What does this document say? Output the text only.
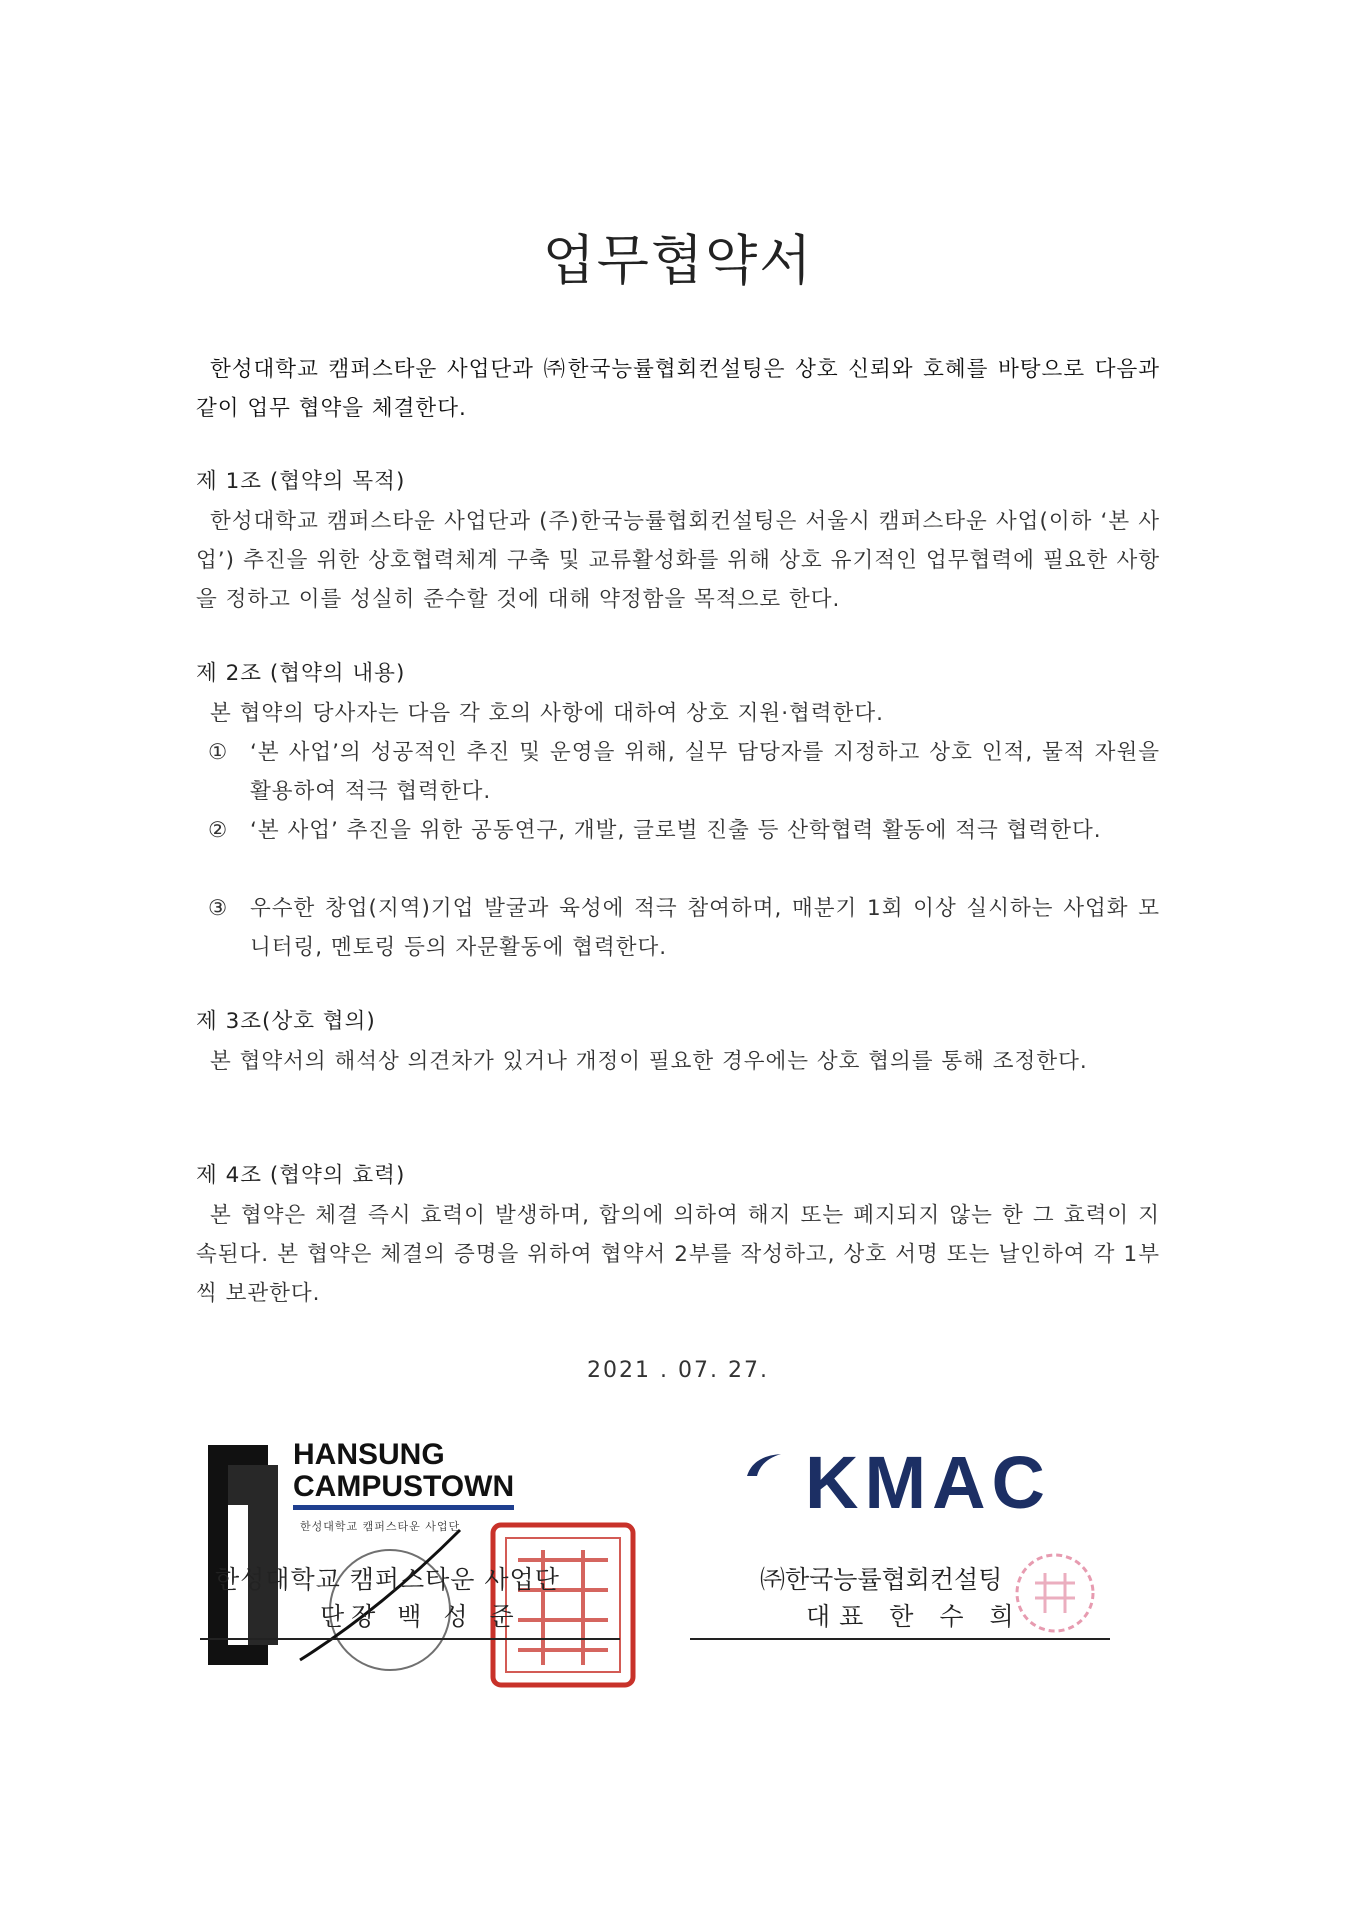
업무협약서
한성대학교 캠퍼스타운 사업단과 ㈜한국능률협회컨설팅은 상호 신뢰와 호혜를 바탕으로 다음과 같이 업무 협약을 체결한다.
제 1조 (협약의 목적)
한성대학교 캠퍼스타운 사업단과 (주)한국능률협회컨설팅은 서울시 캠퍼스타운 사업(이하 ‘본 사업’) 추진을 위한 상호협력체계 구축 및 교류활성화를 위해 상호 유기적인 업무협력에 필요한 사항을 정하고 이를 성실히 준수할 것에 대해 약정함을 목적으로 한다.
제 2조 (협약의 내용)
본 협약의 당사자는 다음 각 호의 사항에 대하여 상호 지원·협력한다.
① ‘본 사업’의 성공적인 추진 및 운영을 위해, 실무 담당자를 지정하고 상호 인적, 물적 자원을 활용하여 적극 협력한다.
② ‘본 사업’ 추진을 위한 공동연구, 개발, 글로벌 진출 등 산학협력 활동에 적극 협력한다.
③ 우수한 창업(지역)기업 발굴과 육성에 적극 참여하며, 매분기 1회 이상 실시하는 사업화 모니터링, 멘토링 등의 자문활동에 협력한다.
제 3조(상호 협의)
본 협약서의 해석상 의견차가 있거나 개정이 필요한 경우에는 상호 협의를 통해 조정한다.
제 4조 (협약의 효력)
본 협약은 체결 즉시 효력이 발생하며, 합의에 의하여 해지 또는 폐지되지 않는 한 그 효력이 지속된다. 본 협약은 체결의 증명을 위하여 협약서 2부를 작성하고, 상호 서명 또는 날인하여 각 1부씩 보관한다.
2021 . 07. 27.
HANSUNG
CAMPUSTOWN
한성대학교 캠퍼스타운 사업단
한성대학교 캠퍼스타운 사업단
단장 백 성 준
KMAC
㈜한국능률협회컨설팅
대표 한 수 희
